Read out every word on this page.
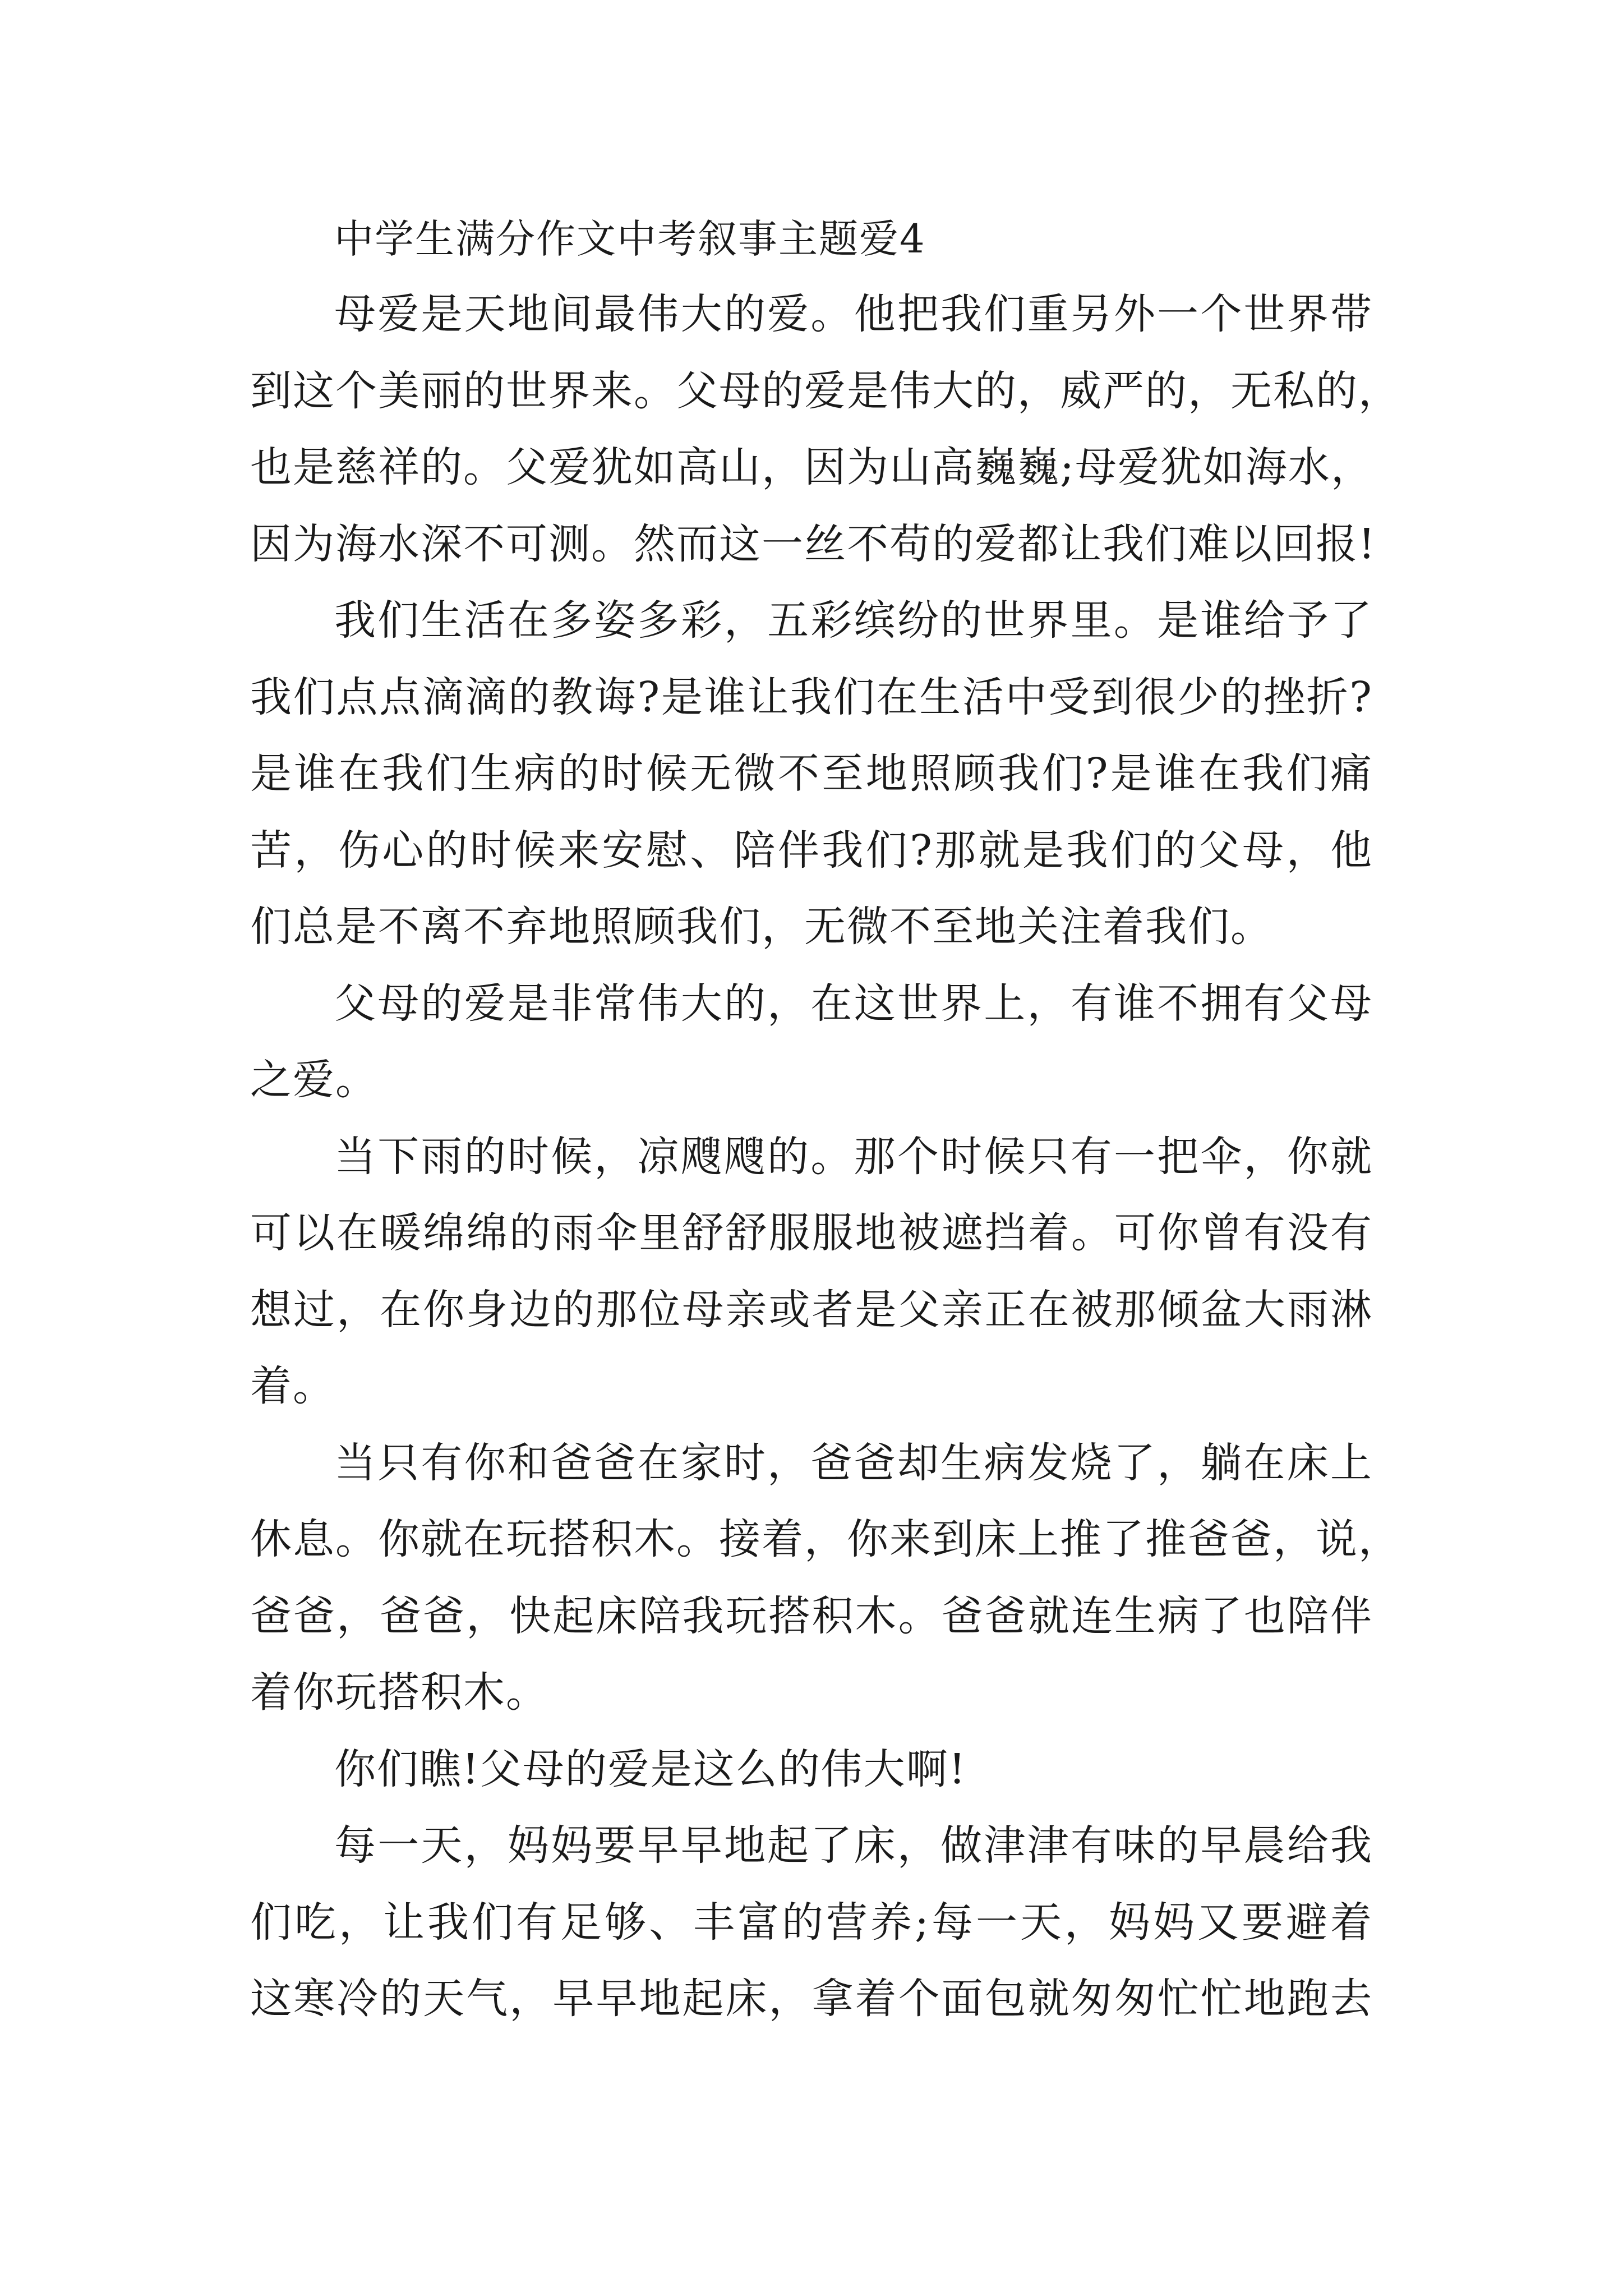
中学生满分作文中考叙事主题爱4

母爱是天地间最伟大的爱。他把我们重另外一个世界带
到这个美丽的世界来。父母的爱是伟大的，威严的，无私的，
也是慈祥的。父爱犹如高山，因为山高巍巍;母爱犹如海水，
因为海水深不可测。然而这一丝不苟的爱都让我们难以回报!

我们生活在多姿多彩，五彩缤纷的世界里。是谁给予了
我们点点滴滴的教诲?是谁让我们在生活中受到很少的挫折?
是谁在我们生病的时候无微不至地照顾我们?是谁在我们痛
苦，伤心的时候来安慰、陪伴我们?那就是我们的父母，他
们总是不离不弃地照顾我们，无微不至地关注着我们。

父母的爱是非常伟大的，在这世界上，有谁不拥有父母
之爱。

当下雨的时候，凉飕飕的。那个时候只有一把伞，你就
可以在暖绵绵的雨伞里舒舒服服地被遮挡着。可你曾有没有
想过，在你身边的那位母亲或者是父亲正在被那倾盆大雨淋
着。

当只有你和爸爸在家时，爸爸却生病发烧了，躺在床上
休息。你就在玩搭积木。接着，你来到床上推了推爸爸，说，
爸爸，爸爸，快起床陪我玩搭积木。爸爸就连生病了也陪伴
着你玩搭积木。

你们瞧!父母的爱是这么的伟大啊!

每一天，妈妈要早早地起了床，做津津有味的早晨给我
们吃，让我们有足够、丰富的营养;每一天，妈妈又要避着
这寒冷的天气，早早地起床，拿着个面包就匆匆忙忙地跑去
